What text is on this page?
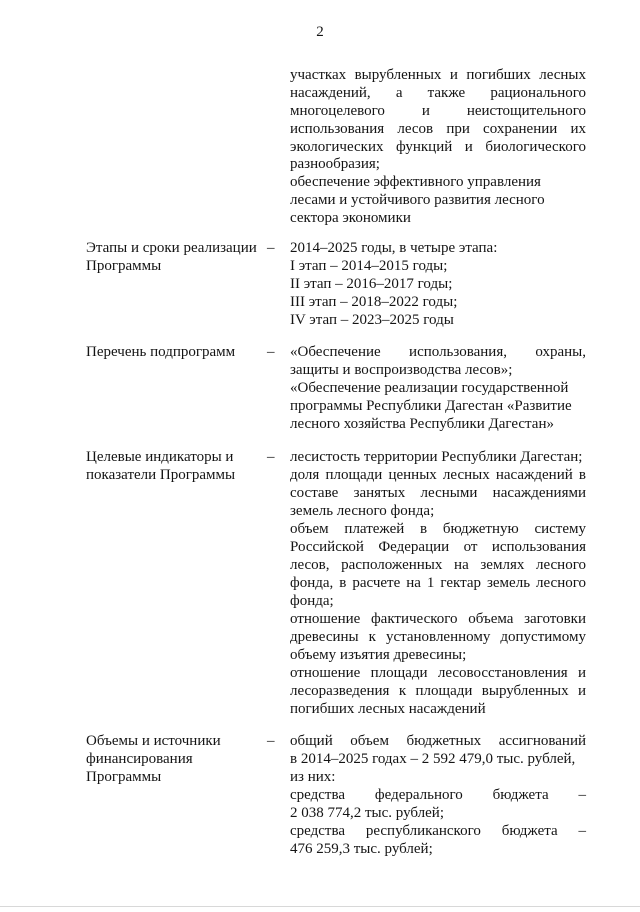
2
участках вырубленных и погибших лесных
насаждений, а также рационального
многоцелевого и неистощительного
использования лесов при сохранении их
экологических функций и биологического
разнообразия;
обеспечение эффективного управления
лесами и устойчивого развития лесного
сектора экономики
Этапы и сроки реализации
Программы
– 2014–2025 годы, в четыре этапа:
I этап – 2014–2015 годы;
II этап – 2016–2017 годы;
III этап – 2018–2022 годы;
IV этап – 2023–2025 годы
Перечень подпрограмм – «Обеспечение использования, охраны,
защиты и воспроизводства лесов»;
«Обеспечение реализации государственной
программы Республики Дагестан «Развитие
лесного хозяйства Республики Дагестан»
Целевые индикаторы и
показатели Программы
– лесистость территории Республики Дагестан;
доля площади ценных лесных насаждений в
составе занятых лесными насаждениями
земель лесного фонда;
объем платежей в бюджетную систему
Российской Федерации от использования
лесов, расположенных на землях лесного
фонда, в расчете на 1 гектар земель лесного
фонда;
отношение фактического объема заготовки
древесины к установленному допустимому
объему изъятия древесины;
отношение площади лесовосстановления и
лесоразведения к площади вырубленных и
погибших лесных насаждений
Объемы и источники
финансирования
Программы
– общий объем бюджетных ассигнований
в 2014–2025 годах – 2 592 479,0 тыс. рублей,
из них:
средства федерального бюджета –
2 038 774,2 тыс. рублей;
средства республиканского бюджета –
476 259,3 тыс. рублей;
